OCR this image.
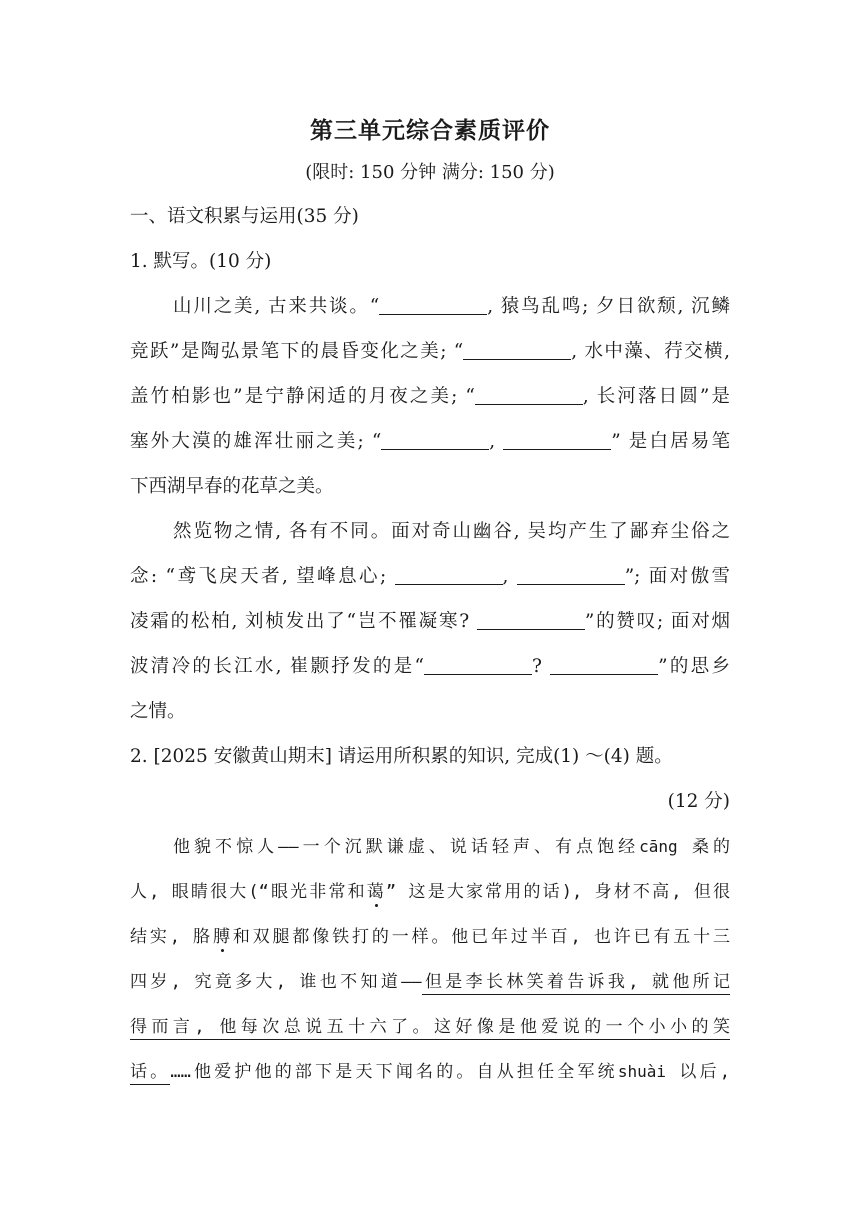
第三单元综合素质评价
(限时: 150 分钟 满分: 150 分)
一、语文积累与运用(35 分)
1. 默写。(10 分)
山川之美, 古来共谈。“	, 猿鸟乱鸣; 夕日欲颓, 沉鳞
竞跃”是陶弘景笔下的晨昏变化之美; “	, 水中藻、荇交横,
盖竹柏影也”是宁静闲适的月夜之美; “	, 长河落日圆”是
塞外大漠的雄浑壮丽之美; “	,	” 是白居易笔
下西湖早春的花草之美。
然览物之情, 各有不同。面对奇山幽谷, 吴均产生了鄙弃尘俗之
念: “鸢飞戾天者, 望峰息心;	,	”; 面对傲雪
凌霜的松柏, 刘桢发出了“岂不罹凝寒?	”的赞叹; 面对烟
波清冷的长江水, 崔颢抒发的是“	?	”的思乡
之情。
2. [2025 安徽黄山期末] 请运用所积累的知识, 完成(1) ～(4) 题。
(12 分)
他貌不惊人——一个沉默谦虚、说话轻声、有点饱经cāng 桑的
人, 眼睛很大(“眼光非常和蔼” 这是大家常用的话), 身材不高, 但很
结实, 胳膊和双腿都像铁打的一样。他已年过半百, 也许已有五十三
四岁, 究竟多大, 谁也不知道——但是李长林笑着告诉我, 就他所记
得而言, 他每次总说五十六了。这好像是他爱说的一个小小的笑
话。……他爱护他的部下是天下闻名的。自从担任全军统shuài 以后,
